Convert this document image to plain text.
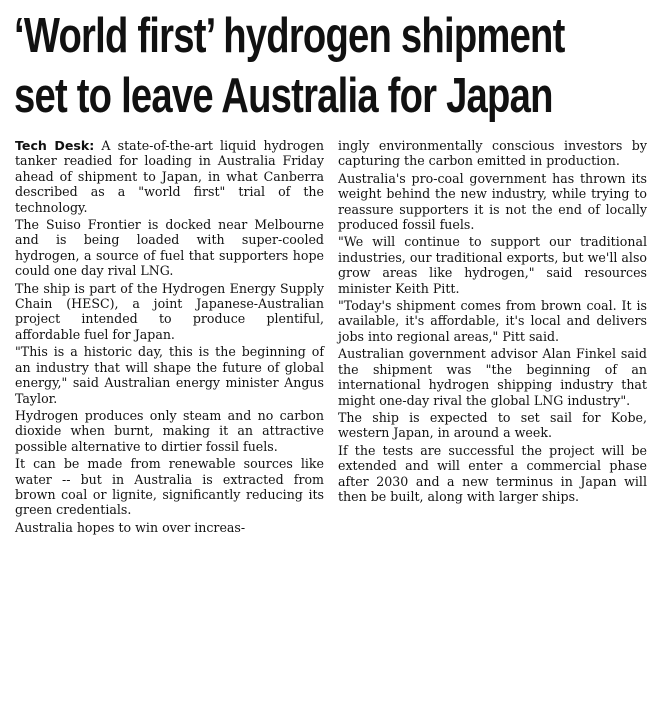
‘World first’ hydrogen shipment
set to leave Australia for Japan

Tech Desk: A state-of-the-art liquid hydrogen tanker readied for loading in Australia Friday ahead of shipment to Japan, in what Canberra described as a "world first" trial of the technology.

The Suiso Frontier is docked near Melbourne and is being loaded with super-cooled hydrogen, a source of fuel that supporters hope could one day rival LNG.

The ship is part of the Hydrogen Energy Supply Chain (HESC), a joint Japanese-Australian project intended to produce plentiful, affordable fuel for Japan.

"This is a historic day, this is the beginning of an industry that will shape the future of global energy," said Australian energy minister Angus Taylor.

Hydrogen produces only steam and no carbon dioxide when burnt, making it an attractive possible alternative to dirtier fossil fuels.

It can be made from renewable sources like water -- but in Australia is extracted from brown coal or lignite, significantly reducing its green credentials.

Australia hopes to win over increas-

ingly environmentally conscious investors by capturing the carbon emitted in production.

Australia's pro-coal government has thrown its weight behind the new industry, while trying to reassure supporters it is not the end of locally produced fossil fuels.

"We will continue to support our traditional industries, our traditional exports, but we'll also grow areas like hydrogen," said resources minister Keith Pitt.

"Today's shipment comes from brown coal. It is available, it's affordable, it's local and delivers jobs into regional areas," Pitt said.

Australian government advisor Alan Finkel said the shipment was "the beginning of an international hydrogen shipping industry that might one-day rival the global LNG industry".

The ship is expected to set sail for Kobe, western Japan, in around a week.

If the tests are successful the project will be extended and will enter a commercial phase after 2030 and a new terminus in Japan will then be built, along with larger ships.
